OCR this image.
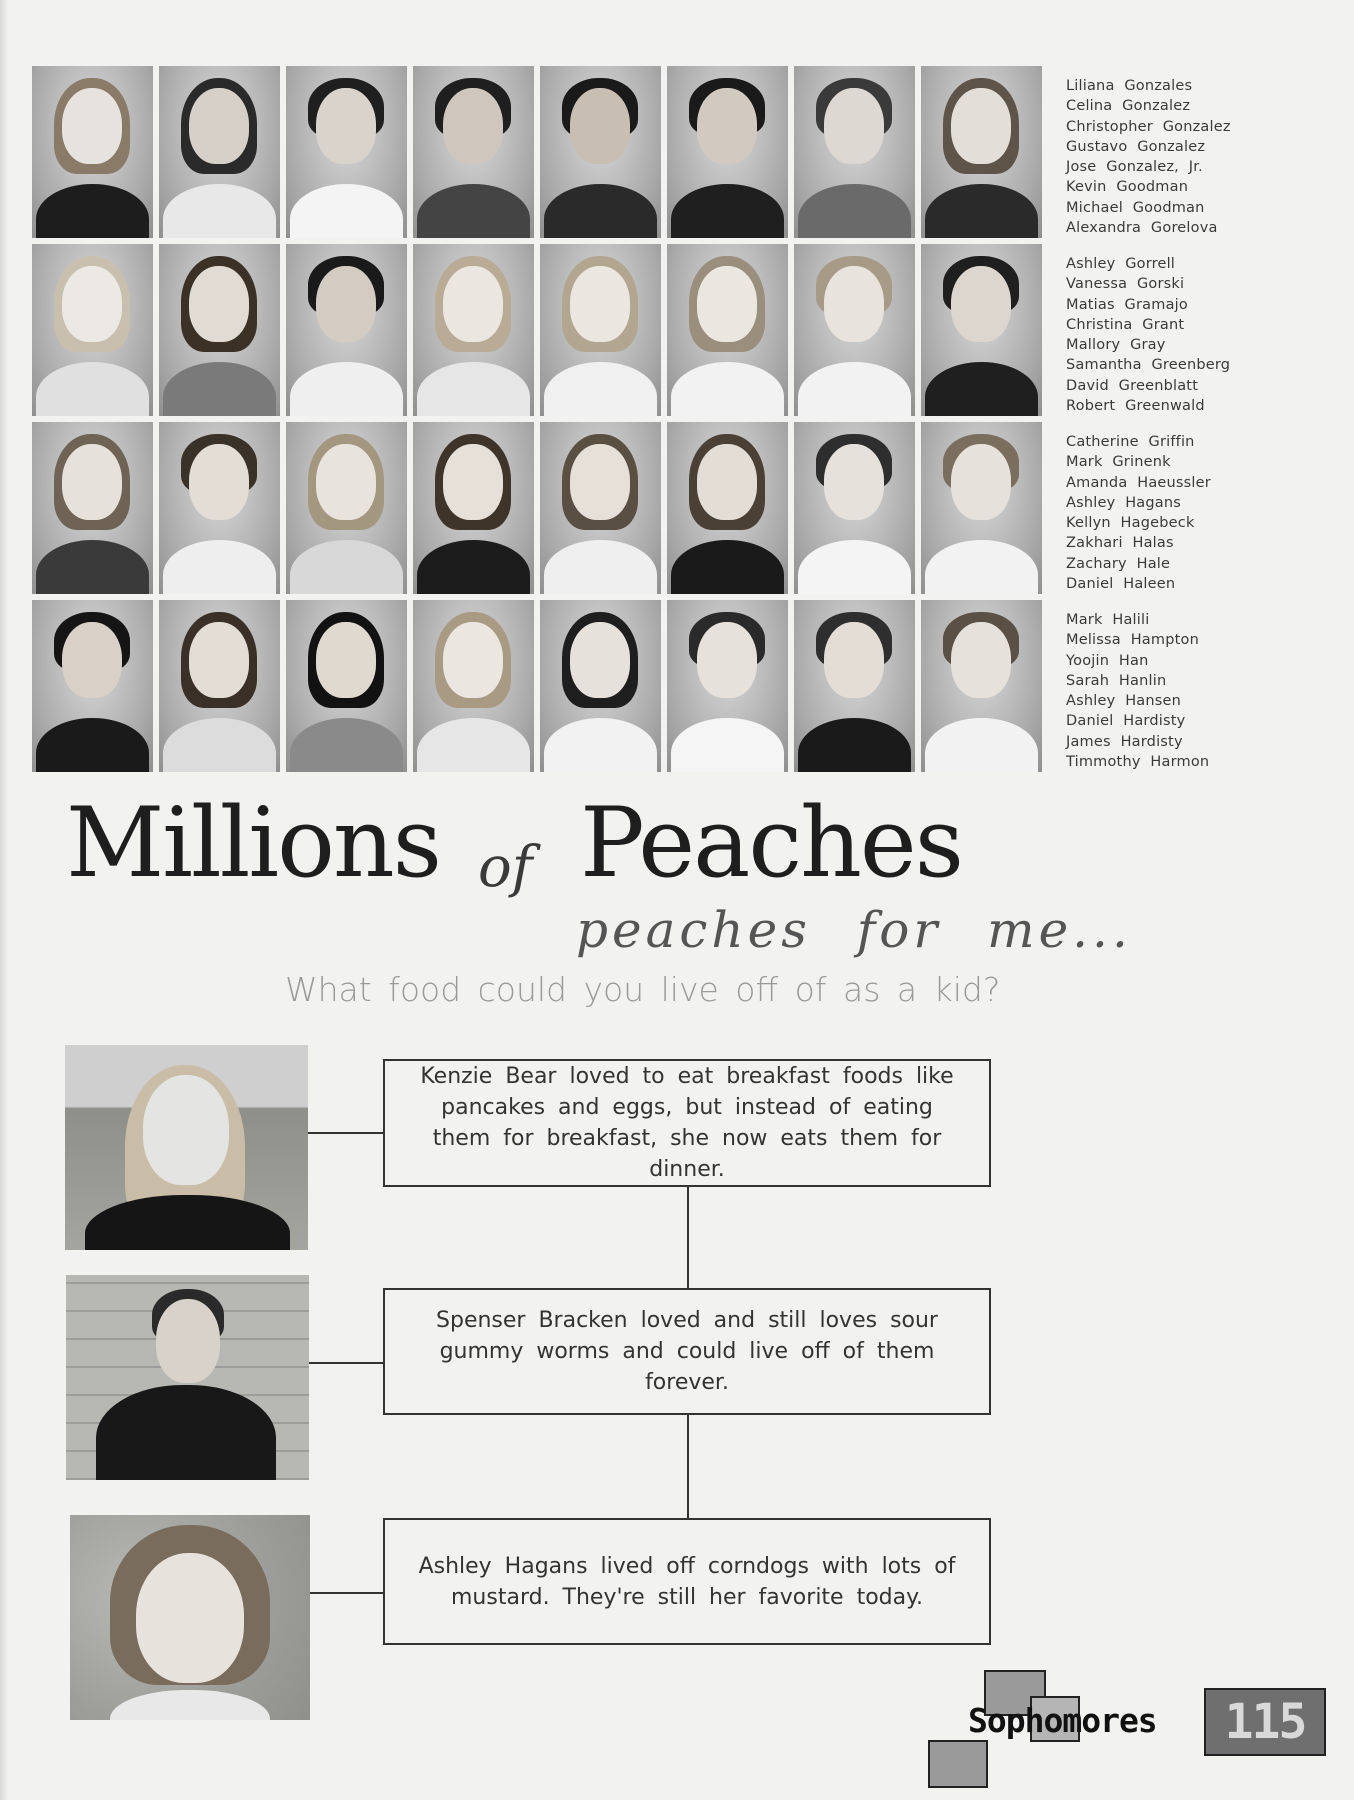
Liliana Gonzales
Celina Gonzalez
Christopher Gonzalez
Gustavo Gonzalez
Jose Gonzalez, Jr.
Kevin Goodman
Michael Goodman
Alexandra Gorelova
Ashley Gorrell
Vanessa Gorski
Matias Gramajo
Christina Grant
Mallory Gray
Samantha Greenberg
David Greenblatt
Robert Greenwald
Catherine Griffin
Mark Grinenk
Amanda Haeussler
Ashley Hagans
Kellyn Hagebeck
Zakhari Halas
Zachary Hale
Daniel Haleen
Mark Halili
Melissa Hampton
Yoojin Han
Sarah Hanlin
Ashley Hansen
Daniel Hardisty
James Hardisty
Timmothy Harmon
Millions of Peaches
peaches for me...
What food could you live off of as a kid?
Kenzie Bear loved to eat breakfast foods like pancakes and eggs, but instead of eating them for breakfast, she now eats them for dinner.
Spenser Bracken loved and still loves sour gummy worms and could live off of them forever.
Ashley Hagans lived off corndogs with lots of mustard. They're still her favorite today.
Sophomores	115
